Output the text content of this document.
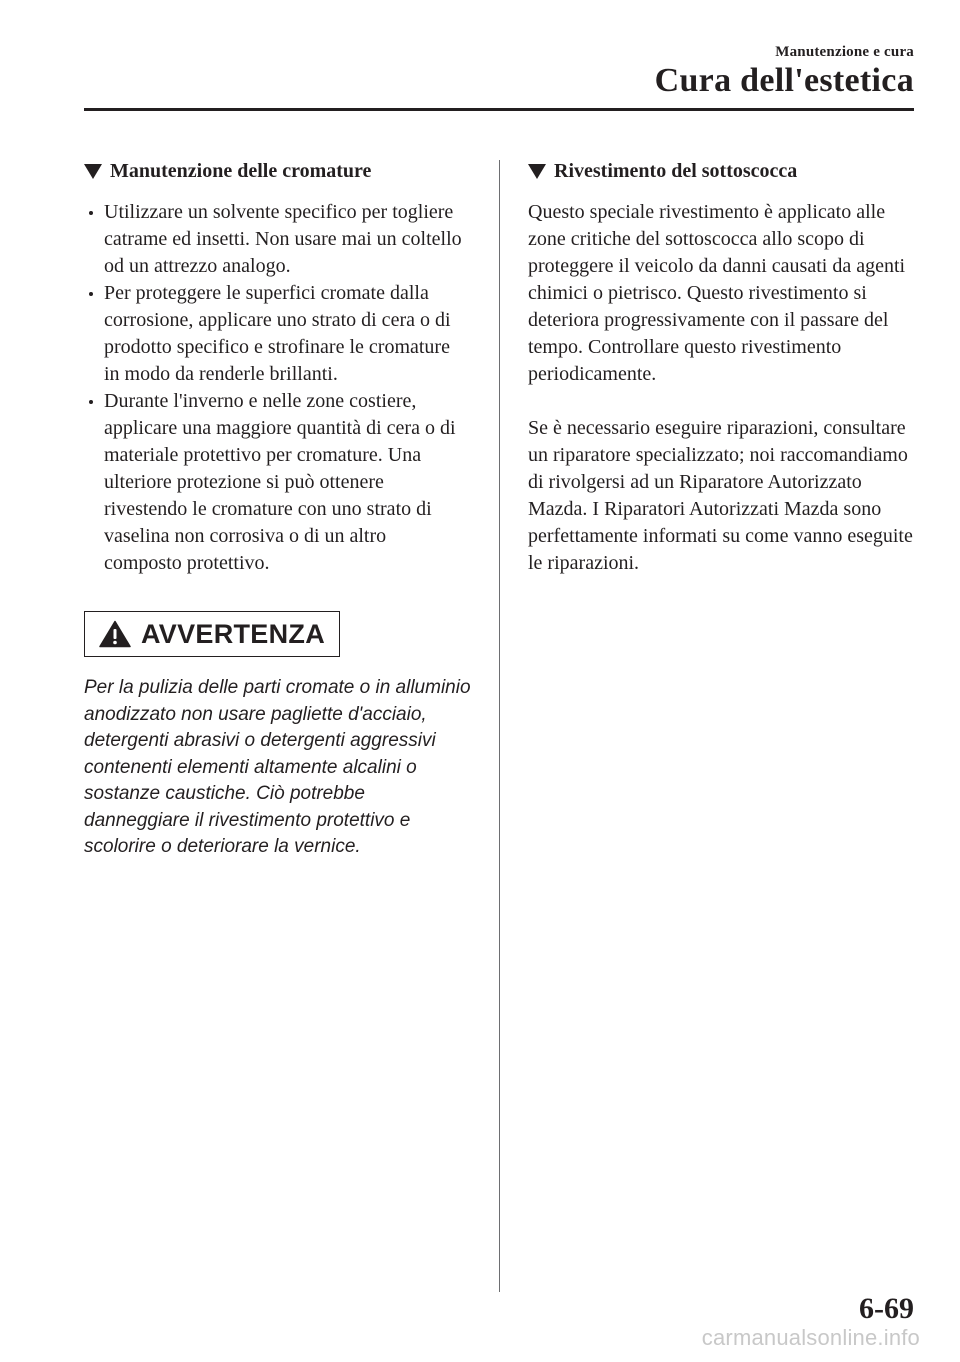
Manutenzione e cura
Cura dell'estetica
Manutenzione delle cromature
Utilizzare un solvente specifico per togliere catrame ed insetti. Non usare mai un coltello od un attrezzo analogo.
Per proteggere le superfici cromate dalla corrosione, applicare uno strato di cera o di prodotto specifico e strofinare le cromature in modo da renderle brillanti.
Durante l'inverno e nelle zone costiere, applicare una maggiore quantità di cera o di materiale protettivo per cromature. Una ulteriore protezione si può ottenere rivestendo le cromature con uno strato di vaselina non corrosiva o di un altro composto protettivo.
AVVERTENZA

Per la pulizia delle parti cromate o in alluminio anodizzato non usare pagliette d'acciaio, detergenti abrasivi o detergenti aggressivi contenenti elementi altamente alcalini o sostanze caustiche. Ciò potrebbe danneggiare il rivestimento protettivo e scolorire o deteriorare la vernice.

Rivestimento del sottoscocca

Questo speciale rivestimento è applicato alle zone critiche del sottoscocca allo scopo di proteggere il veicolo da danni causati da agenti chimici o pietrisco. Questo rivestimento si deteriora progressivamente con il passare del tempo. Controllare questo rivestimento periodicamente.

Se è necessario eseguire riparazioni, consultare un riparatore specializzato; noi raccomandiamo di rivolgersi ad un Riparatore Autorizzato Mazda. I Riparatori Autorizzati Mazda sono perfettamente informati su come vanno eseguite le riparazioni.

6-69
carmanualsonline.info
